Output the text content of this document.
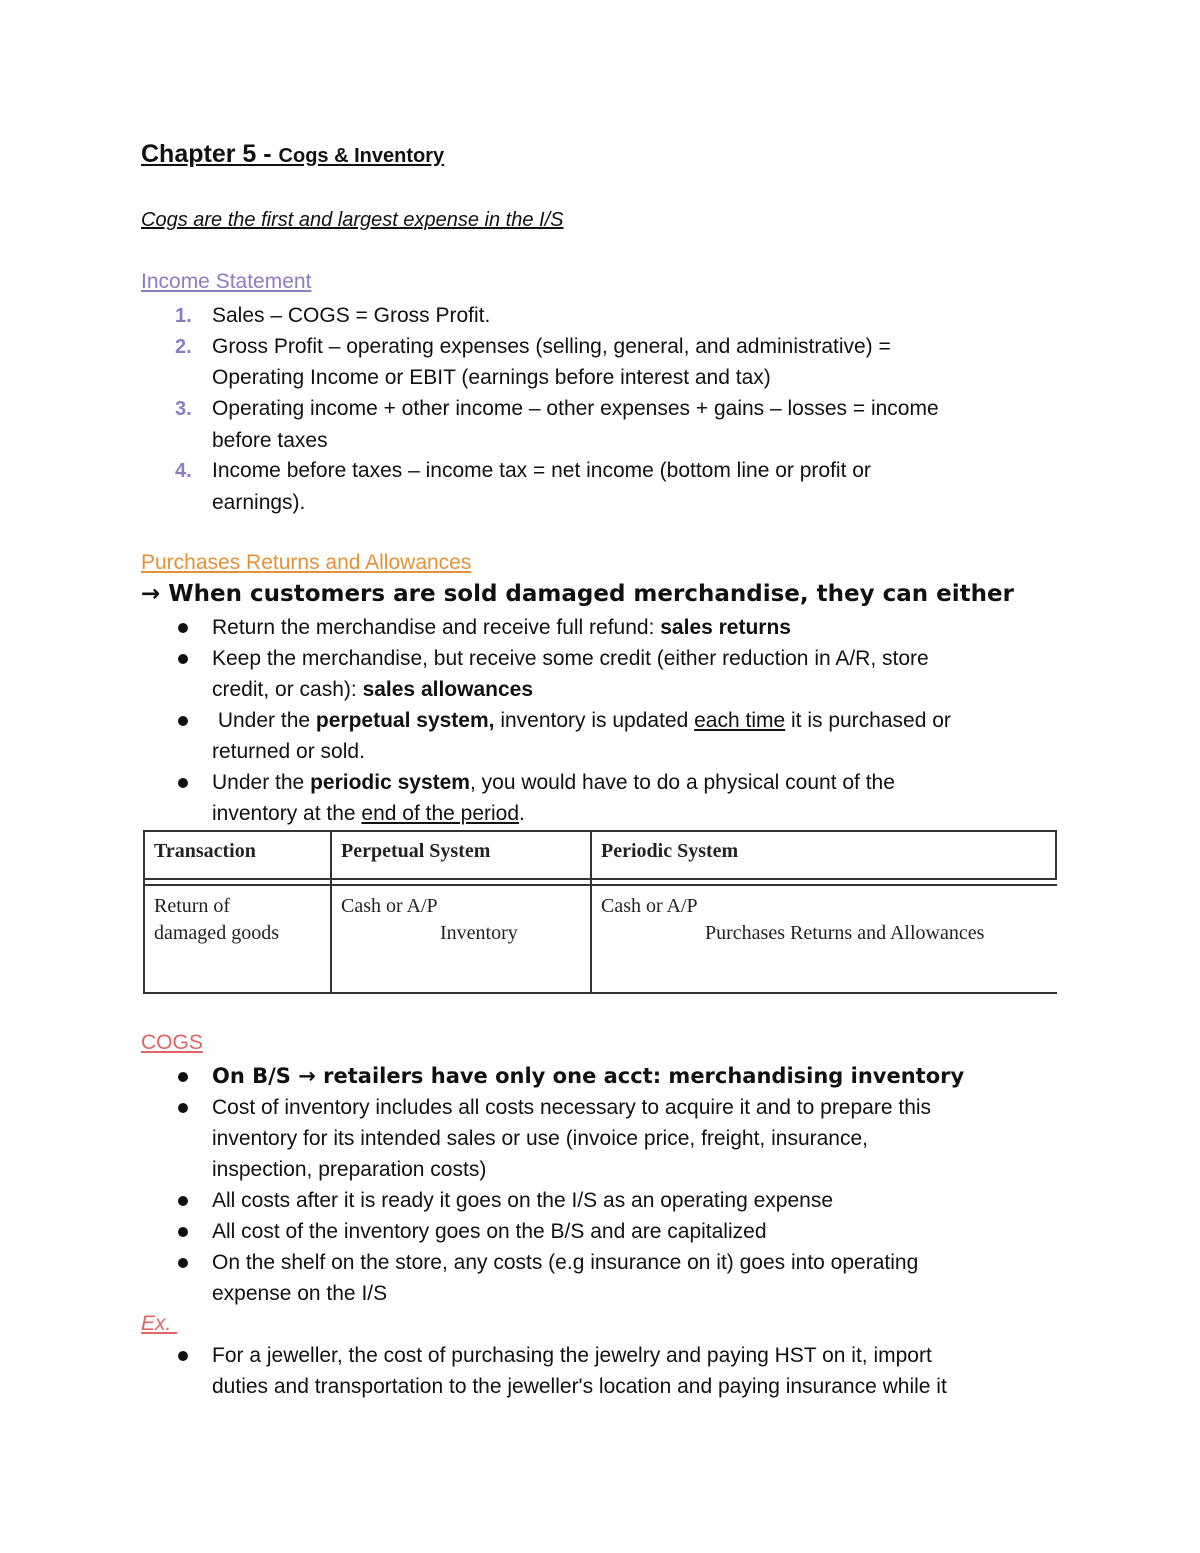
Chapter 5 - Cogs & Inventory
Cogs are the first and largest expense in the I/S
Income Statement
1. Sales – COGS = Gross Profit.
2. Gross Profit – operating expenses (selling, general, and administrative) =
Operating Income or EBIT (earnings before interest and tax)
3. Operating income + other income – other expenses + gains – losses = income
before taxes
4. Income before taxes – income tax = net income (bottom line or profit or
earnings).
Purchases Returns and Allowances
→ When customers are sold damaged merchandise, they can either
Return the merchandise and receive full refund: sales returns
Keep the merchandise, but receive some credit (either reduction in A/R, store
credit, or cash): sales allowances
Under the perpetual system, inventory is updated each time it is purchased or
returned or sold.
Under the periodic system, you would have to do a physical count of the
inventory at the end of the period.
Transaction	Perpetual System	Periodic System
Return of
damaged goods
Cash or A/P
Inventory
Cash or A/P
Purchases Returns and Allowances
COGS
On B/S → retailers have only one acct: merchandising inventory
Cost of inventory includes all costs necessary to acquire it and to prepare this
inventory for its intended sales or use (invoice price, freight, insurance,
inspection, preparation costs)
All costs after it is ready it goes on the I/S as an operating expense
All cost of the inventory goes on the B/S and are capitalized
On the shelf on the store, any costs (e.g insurance on it) goes into operating
expense on the I/S
Ex.
For a jeweller, the cost of purchasing the jewelry and paying HST on it, import
duties and transportation to the jeweller's location and paying insurance while it
